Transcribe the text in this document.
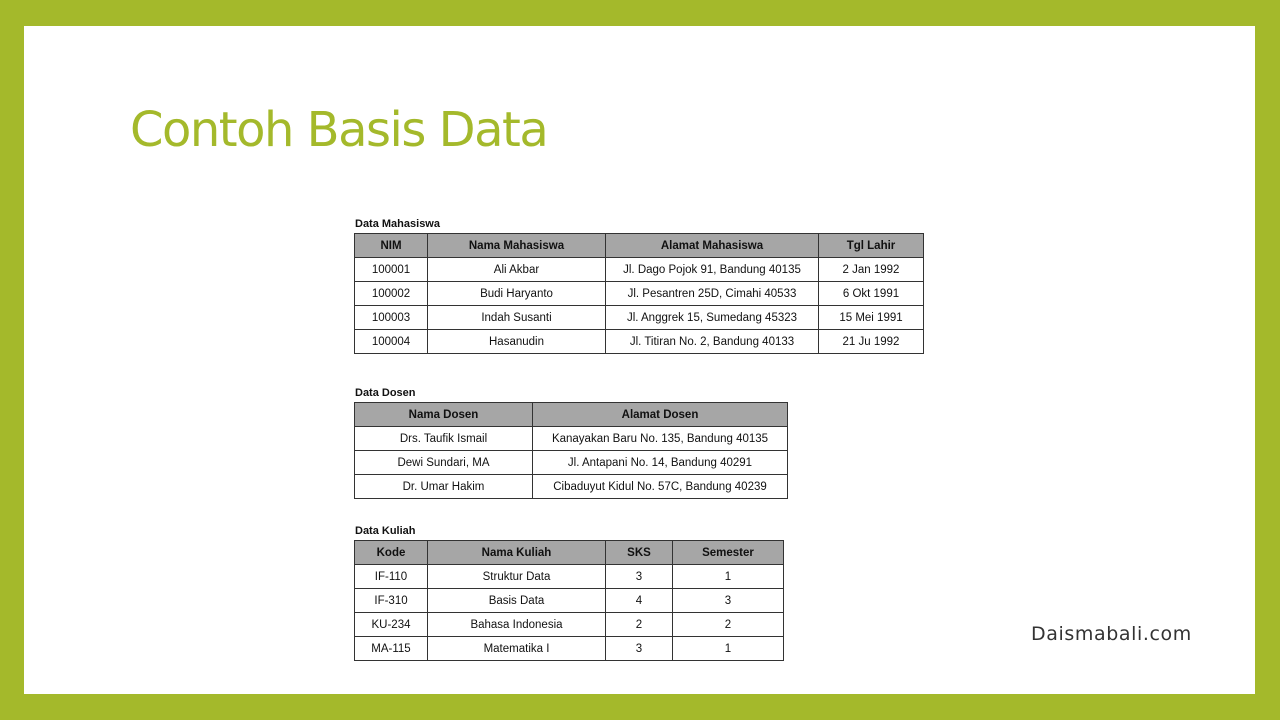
Contoh Basis Data
Data Mahasiswa
NIM	Nama Mahasiswa	Alamat Mahasiswa	Tgl Lahir
100001	Ali Akbar	Jl. Dago Pojok 91, Bandung 40135	2 Jan 1992
100002	Budi Haryanto	Jl. Pesantren 25D, Cimahi 40533	6 Okt 1991
100003	Indah Susanti	Jl. Anggrek 15, Sumedang 45323	15 Mei 1991
100004	Hasanudin	Jl. Titiran No. 2, Bandung 40133	21 Ju 1992
Data Dosen
Nama Dosen	Alamat Dosen
Drs. Taufik Ismail	Kanayakan Baru No. 135, Bandung 40135
Dewi Sundari, MA	Jl. Antapani No. 14, Bandung 40291
Dr. Umar Hakim	Cibaduyut Kidul No. 57C, Bandung 40239
Data Kuliah
Kode	Nama Kuliah	SKS	Semester
IF-110	Struktur Data	3	1
IF-310	Basis Data	4	3
KU-234	Bahasa Indonesia	2	2
MA-115	Matematika I	3	1
Daismabali.com
